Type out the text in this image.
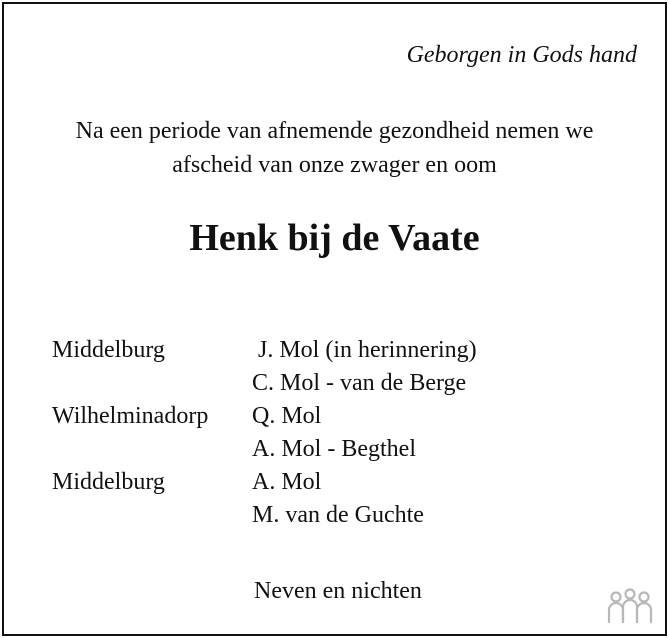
Geborgen in Gods hand
Na een periode van afnemende gezondheid nemen we
afscheid van onze zwager en oom
Henk bij de Vaate
Middelburg	J. Mol (in herinnering)
C. Mol - van de Berge
Wilhelminadorp	Q. Mol
A. Mol - Begthel
Middelburg	A. Mol
M. van de Guchte
Neven en nichten
